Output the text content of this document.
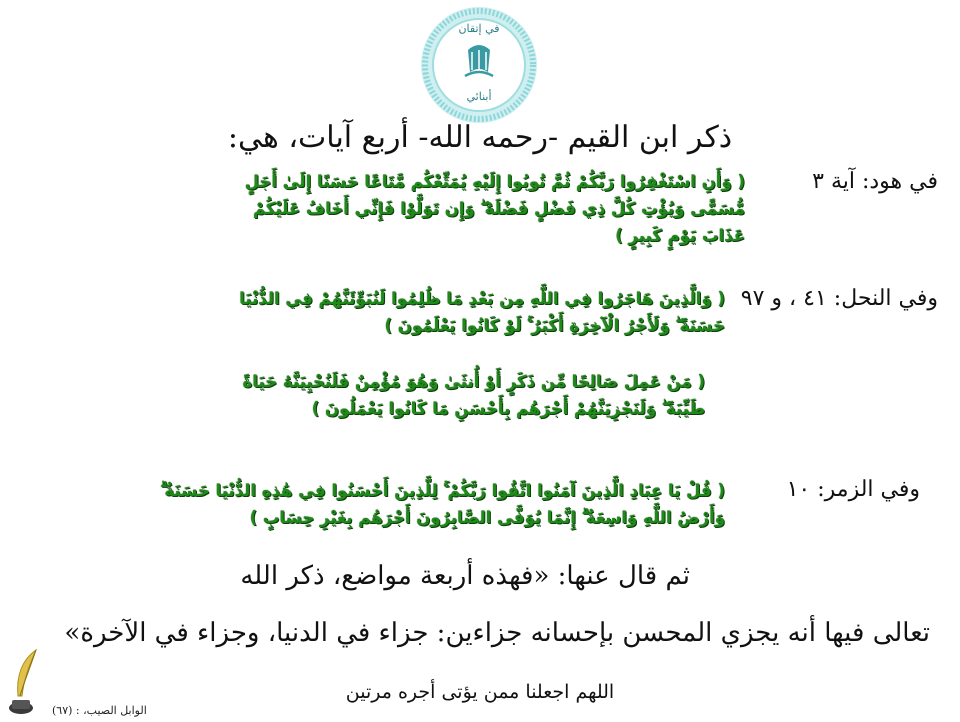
في إتقان
أبنائي
ذكر ابن القيم -رحمه الله- أربع آيات، هي:
في هود: آية ٣
( وَأَنِ اسْتَغْفِرُوا رَبَّكُمْ ثُمَّ تُوبُوا إِلَيْهِ يُمَتِّعْكُم مَّتَاعًا حَسَنًا إِلَىٰ أَجَلٍ مُّسَمًّى وَيُؤْتِ كُلَّ ذِي فَضْلٍ فَضْلَهُ ۖ وَإِن تَوَلَّوْا فَإِنِّي أَخَافُ عَلَيْكُمْ عَذَابَ يَوْمٍ كَبِيرٍ )
وفي النحل: ٤١ ، و ٩٧
( وَالَّذِينَ هَاجَرُوا فِي اللَّهِ مِن بَعْدِ مَا ظُلِمُوا لَنُبَوِّئَنَّهُمْ فِي الدُّنْيَا حَسَنَةً ۖ وَلَأَجْرُ الْآخِرَةِ أَكْبَرُ ۚ لَوْ كَانُوا يَعْلَمُونَ )
( مَنْ عَمِلَ صَالِحًا مِّن ذَكَرٍ أَوْ أُنثَىٰ وَهُوَ مُؤْمِنٌ فَلَنُحْيِيَنَّهُ حَيَاةً طَيِّبَةً ۖ وَلَنَجْزِيَنَّهُمْ أَجْرَهُم بِأَحْسَنِ مَا كَانُوا يَعْمَلُونَ )
وفي الزمر: ١٠
( قُلْ يَا عِبَادِ الَّذِينَ آمَنُوا اتَّقُوا رَبَّكُمْ ۚ لِلَّذِينَ أَحْسَنُوا فِي هَٰذِهِ الدُّنْيَا حَسَنَةٌ ۗ وَأَرْضُ اللَّهِ وَاسِعَةٌ ۗ إِنَّمَا يُوَفَّى الصَّابِرُونَ أَجْرَهُم بِغَيْرِ حِسَابٍ )
ثم قال عنها: «فهذه أربعة مواضع، ذكر الله
تعالى فيها أنه يجزي المحسن بإحسانه جزاءين: جزاء في الدنيا، وجزاء في الآخرة»
اللهم اجعلنا ممن يؤتى أجره مرتين
الوابل الصيب، : (٦٧)
